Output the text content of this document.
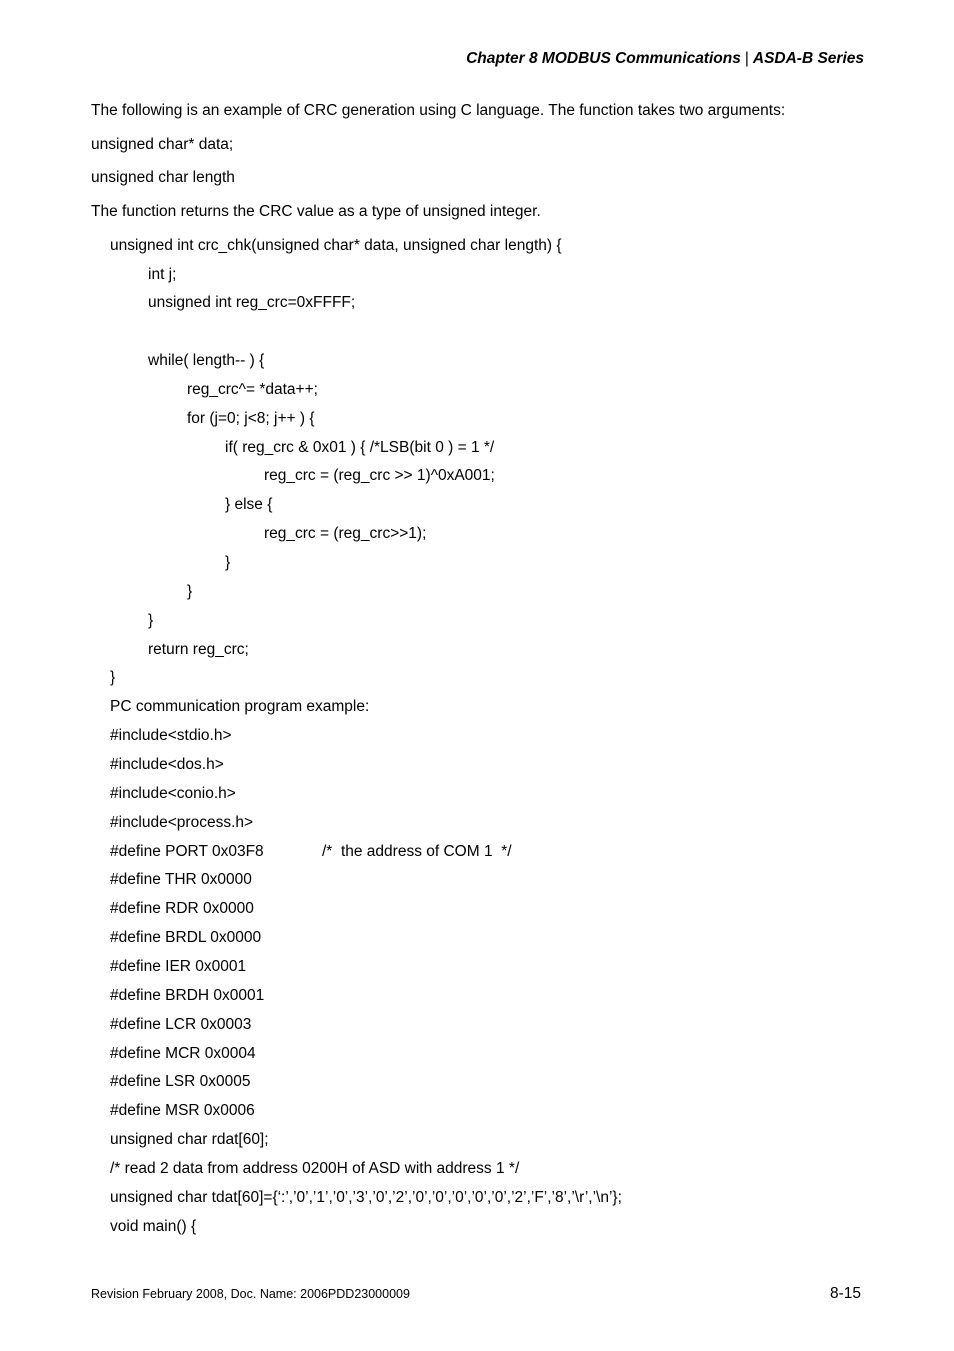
Chapter 8 MODBUS Communications | ASDA-B Series
The following is an example of CRC generation using C language. The function takes two arguments:
unsigned char* data;
unsigned char length
The function returns the CRC value as a type of unsigned integer.
unsigned int crc_chk(unsigned char* data, unsigned char length) {
int j;
unsigned int reg_crc=0xFFFF;
while( length-- ) {
reg_crc^= *data++;
for (j=0; j<8; j++ ) {
if( reg_crc & 0x01 ) { /*LSB(bit 0 ) = 1 */
reg_crc = (reg_crc >> 1)^0xA001;
} else {
reg_crc = (reg_crc>>1);
}
}
}
return reg_crc;
}
PC communication program example:
#include<stdio.h>
#include<dos.h>
#include<conio.h>
#include<process.h>
#define PORT 0x03F8	/*  the address of COM 1  */
#define THR 0x0000
#define RDR 0x0000
#define BRDL 0x0000
#define IER 0x0001
#define BRDH 0x0001
#define LCR 0x0003
#define MCR 0x0004
#define LSR 0x0005
#define MSR 0x0006
unsigned char rdat[60];
/* read 2 data from address 0200H of ASD with address 1 */
unsigned char tdat[60]={‘:’,’0’,’1’,’0’,’3’,’0’,’2’,’0’,’0’,’0’,’0’,’0’,’2’,’F’,’8’,’\r’,’\n’};
void main() {
Revision February 2008, Doc. Name: 2006PDD23000009	8-15
